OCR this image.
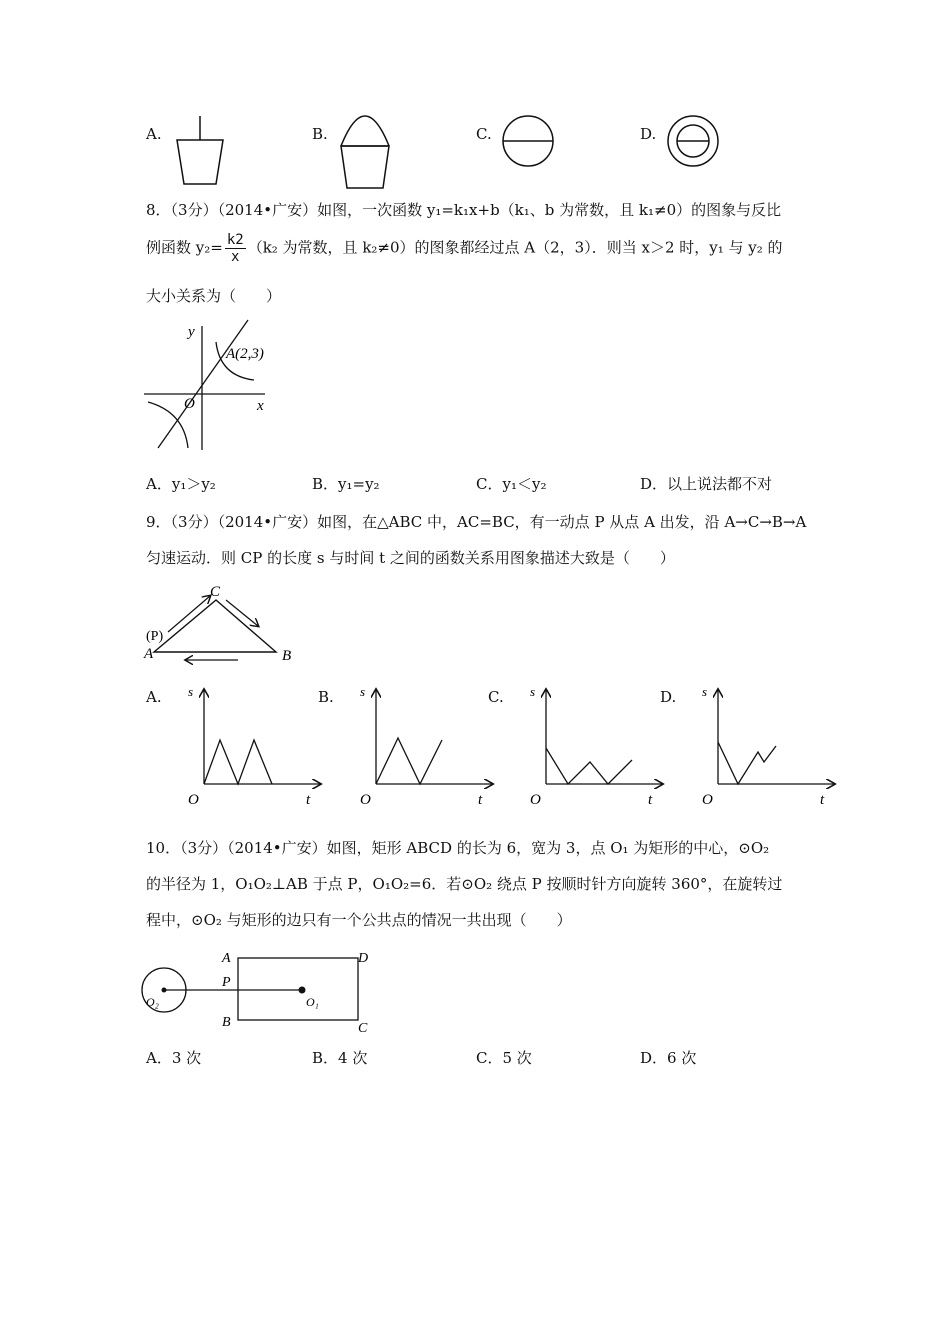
A.	B.	C.	D.
8．（3分）（2014•广安）如图，一次函数 y₁=k₁x+b（k₁、b 为常数，且 k₁≠0）的图象与反比
例函数 $y_2= \frac{k2}{x} (k_2$ 为常数，且 k₂≠0）的图象都经过点 A（2，3）．则当 x＞2 时，y₁ 与 y₂ 的
大小关系为（　　）
y
x
O
A(2,3)
A．y₁＞y₂	B．y₁=y₂	C．y₁＜y₂	D．以上说法都不对
9．（3分）（2014•广安）如图，在△ABC 中，AC=BC，有一动点 P 从点 A 出发，沿 A→C→B→A
匀速运动．则 CP 的长度 s 与时间 t 之间的函数关系用图象描述大致是（　　）
A	B
C
(P)
A. s
O	t
B. s
O	t
C. s
O	t
D. s
O	t
10．（3分）（2014•广安）如图，矩形 ABCD 的长为 6，宽为 3，点 O₁ 为矩形的中心，⊙O₂
的半径为 1，O₁O₂⊥AB 于点 P，O₁O₂=6．若⊙O₂ 绕点 P 按顺时针方向旋转 360°，在旋转过
程中，⊙O₂ 与矩形的边只有一个公共点的情况一共出现（　　）
A
B	C
D
P
O₁
O₂
A．3 次	B．4 次	C．5 次	D．6 次
